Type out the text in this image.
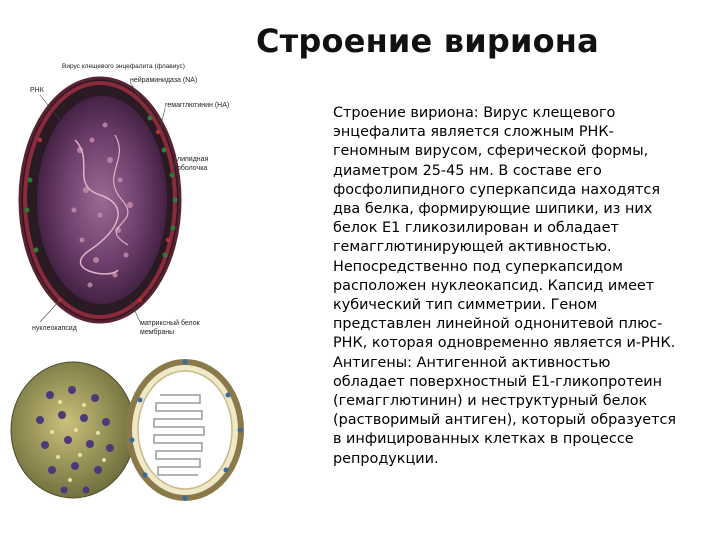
Строение вириона

Строение вириона: Вирус клещевого
энцефалита является сложным РНК-
геномным вирусом, сферической формы,
диаметром 25-45 нм. В составе его
фосфолипидного суперкапсида находятся
два белка, формирующие шипики, из них
белок Е1 гликозилирован и обладает
гемагглютинирующей активностью.

Непосредственно под суперкапсидом
расположен нуклеокапсид. Капсид имеет
кубический тип симметрии. Геном
представлен линейной однонитевой плюс-
РНК, которая одновременно является и-РНК.

Антигены: Антигенной активностью
обладает поверхностный Е1-гликопротеин
(гемагглютинин) и неструктурный белок
(растворимый антиген), который образуется
в инфицированных клетках в процессе
репродукции.

Вирус клещевого энцефалита (флавиус)
РНК
нейраминидаза (NA)
гемагглютинин (HA)
липидная
оболочка
нуклеокапсид
матриксный белок
мембраны
